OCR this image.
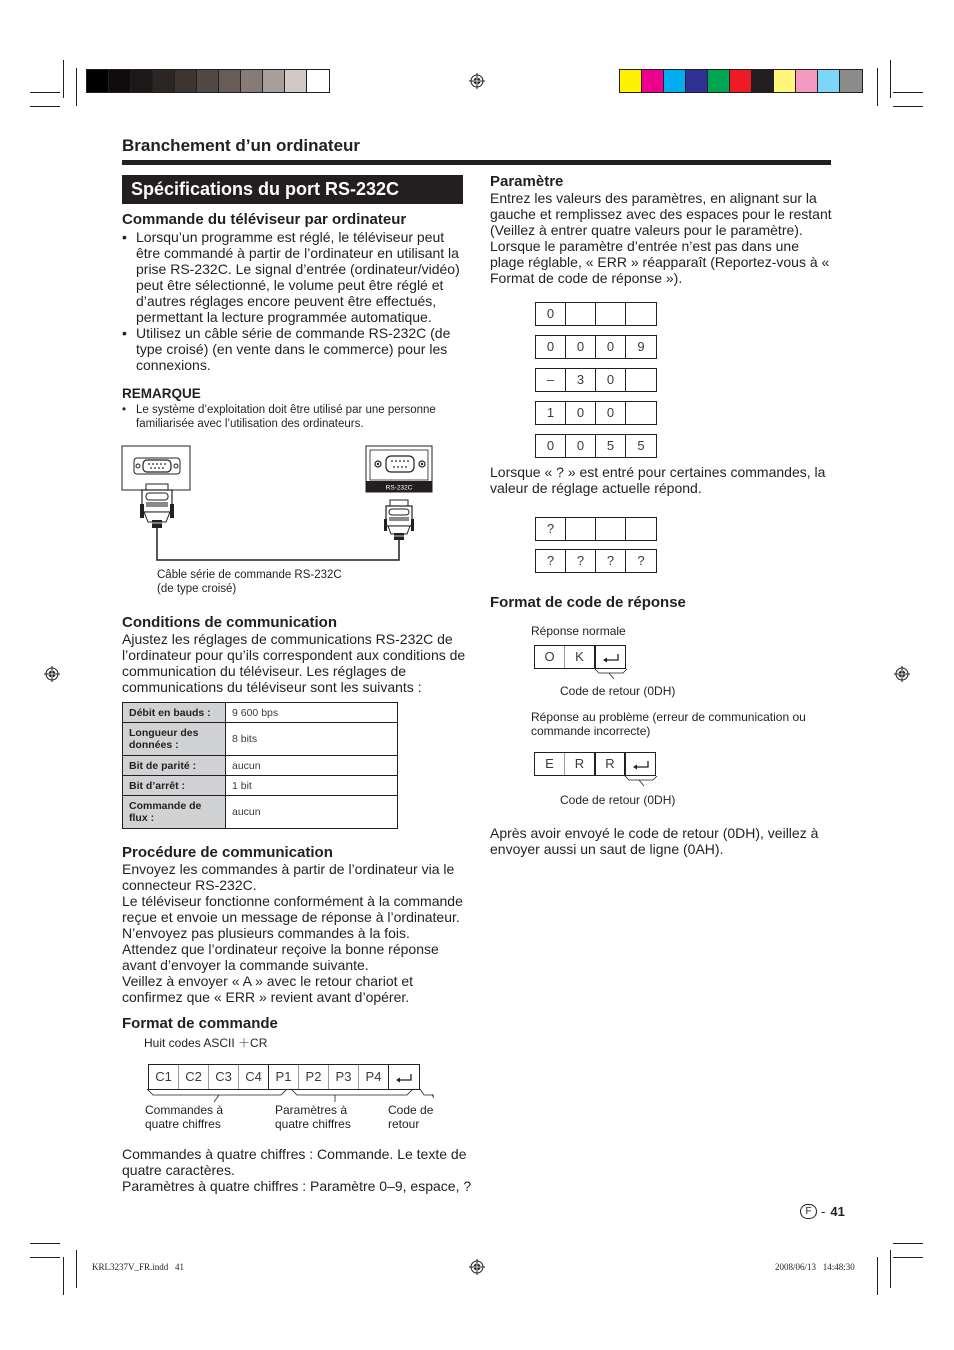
Branchement d’un ordinateur
Spécifications du port RS-232C
Commande du téléviseur par ordinateur
• Lorsqu’un programme est réglé, le téléviseur peut être commandé à partir de l’ordinateur en utilisant la prise RS-232C. Le signal d’entrée (ordinateur/vidéo) peut être sélectionné, le volume peut être réglé et d’autres réglages encore peuvent être effectués, permettant la lecture programmée automatique.
• Utilisez un câble série de commande RS-232C (de type croisé) (en vente dans le commerce) pour les connexions.
REMARQUE
• Le système d’exploitation doit être utilisé par une personne familiarisée avec l’utilisation des ordinateurs.
RS-232C
Câble série de commande RS-232C
(de type croisé)
Conditions de communication
Ajustez les réglages de communications RS-232C de l’ordinateur pour qu’ils correspondent aux conditions de communication du téléviseur. Les réglages de communications du téléviseur sont les suivants :
Débit en bauds :	9 600 bps
Longueur des données :	8 bits
Bit de parité :	aucun
Bit d’arrêt :	1 bit
Commande de flux :	aucun
Procédure de communication
Envoyez les commandes à partir de l’ordinateur via le connecteur RS-232C.
Le téléviseur fonctionne conformément à la commande reçue et envoie un message de réponse à l’ordinateur.
N’envoyez pas plusieurs commandes à la fois.
Attendez que l’ordinateur reçoive la bonne réponse avant d’envoyer la commande suivante.
Veillez à envoyer « A » avec le retour chariot et confirmez que « ERR » revient avant d’opérer.
Format de commande
Huit codes ASCII ＋CR
C1	C2	C3	C4	P1	P2	P3	P4
Commandes à quatre chiffres
Paramètres à quatre chiffres
Code de retour
Commandes à quatre chiffres : Commande. Le texte de quatre caractères.
Paramètres à quatre chiffres : Paramètre 0–9, espace, ?
Paramètre
Entrez les valeurs des paramètres, en alignant sur la gauche et remplissez avec des espaces pour le restant (Veillez à entrer quatre valeurs pour le paramètre). Lorsque le paramètre d’entrée n’est pas dans une plage réglable, « ERR » réapparaît (Reportez-vous à « Format de code de réponse »).
0
0	0	0	9
–	3	0
1	0	0
0	0	5	5
Lorsque « ? » est entré pour certaines commandes, la valeur de réglage actuelle répond.
?
?	?	?	?
Format de code de réponse
Réponse normale
O	K
Code de retour (0DH)
Réponse au problème (erreur de communication ou commande incorrecte)
E	R	R
Code de retour (0DH)
Après avoir envoyé le code de retour (0DH), veillez à envoyer aussi un saut de ligne (0AH).
F - 41
KRL3237V_FR.indd   41	2008/06/13   14:48:30
